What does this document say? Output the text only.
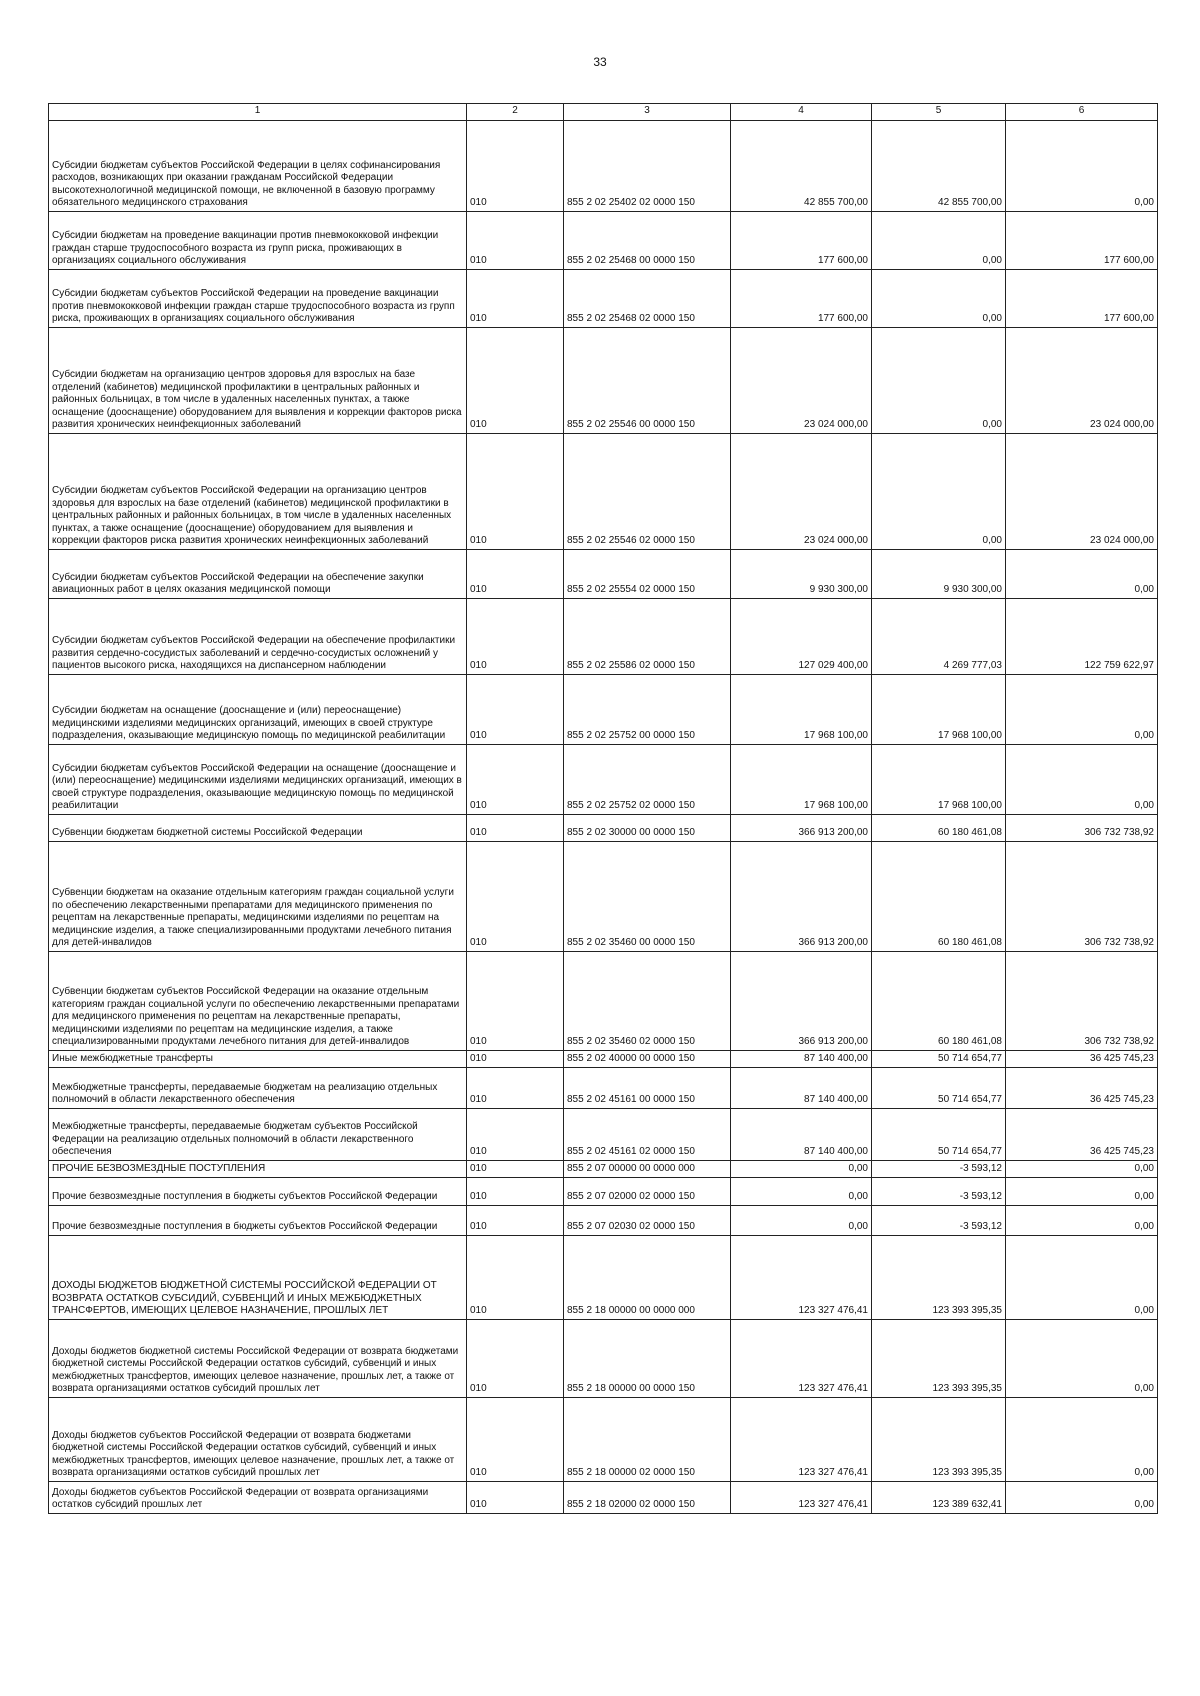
33
1	2	3	4	5	6
Субсидии бюджетам субъектов Российской Федерации в целях софинансирования расходов, возникающих при оказании гражданам Российской Федерации высокотехнологичной медицинской помощи, не включенной в базовую программу обязательного медицинского страхования	010	855 2 02 25402 02 0000 150	42 855 700,00	42 855 700,00	0,00
Субсидии бюджетам на проведение вакцинации против пневмококковой инфекции граждан старше трудоспособного возраста из групп риска, проживающих в организациях социального обслуживания	010	855 2 02 25468 00 0000 150	177 600,00	0,00	177 600,00
Субсидии бюджетам субъектов Российской Федерации на проведение вакцинации против пневмококковой инфекции граждан старше трудоспособного возраста из групп риска, проживающих в организациях социального обслуживания	010	855 2 02 25468 02 0000 150	177 600,00	0,00	177 600,00
Субсидии бюджетам на организацию центров здоровья для взрослых на базе отделений (кабинетов) медицинской профилактики в центральных районных и районных больницах, в том числе в удаленных населенных пунктах, а также оснащение (дооснащение) оборудованием для выявления и коррекции факторов риска развития хронических неинфекционных заболеваний	010	855 2 02 25546 00 0000 150	23 024 000,00	0,00	23 024 000,00
Субсидии бюджетам субъектов Российской Федерации на организацию центров здоровья для взрослых на базе отделений (кабинетов) медицинской профилактики в центральных районных и районных больницах, в том числе в удаленных населенных пунктах, а также оснащение (дооснащение) оборудованием для выявления и коррекции факторов риска развития хронических неинфекционных заболеваний	010	855 2 02 25546 02 0000 150	23 024 000,00	0,00	23 024 000,00
Субсидии бюджетам субъектов Российской Федерации на обеспечение закупки авиационных работ в целях оказания медицинской помощи	010	855 2 02 25554 02 0000 150	9 930 300,00	9 930 300,00	0,00
Субсидии бюджетам субъектов Российской Федерации на обеспечение профилактики развития сердечно-сосудистых заболеваний и сердечно-сосудистых осложнений у пациентов высокого риска, находящихся на диспансерном наблюдении	010	855 2 02 25586 02 0000 150	127 029 400,00	4 269 777,03	122 759 622,97
Субсидии бюджетам на оснащение (дооснащение и (или) переоснащение) медицинскими изделиями медицинских организаций, имеющих в своей структуре подразделения, оказывающие медицинскую помощь по медицинской реабилитации	010	855 2 02 25752 00 0000 150	17 968 100,00	17 968 100,00	0,00
Субсидии бюджетам субъектов Российской Федерации на оснащение (дооснащение и (или) переоснащение) медицинскими изделиями медицинских организаций, имеющих в своей структуре подразделения, оказывающие медицинскую помощь по медицинской реабилитации	010	855 2 02 25752 02 0000 150	17 968 100,00	17 968 100,00	0,00
Субвенции бюджетам бюджетной системы Российской Федерации	010	855 2 02 30000 00 0000 150	366 913 200,00	60 180 461,08	306 732 738,92
Субвенции бюджетам на оказание отдельным категориям граждан социальной услуги по обеспечению лекарственными препаратами для медицинского применения по рецептам на лекарственные препараты, медицинскими изделиями по рецептам на медицинские изделия, а также специализированными продуктами лечебного питания для детей-инвалидов	010	855 2 02 35460 00 0000 150	366 913 200,00	60 180 461,08	306 732 738,92
Субвенции бюджетам субъектов Российской Федерации на оказание отдельным категориям граждан социальной услуги по обеспечению лекарственными препаратами для медицинского применения по рецептам на лекарственные препараты, медицинскими изделиями по рецептам на медицинские изделия, а также специализированными продуктами лечебного питания для детей-инвалидов	010	855 2 02 35460 02 0000 150	366 913 200,00	60 180 461,08	306 732 738,92
Иные межбюджетные трансферты	010	855 2 02 40000 00 0000 150	87 140 400,00	50 714 654,77	36 425 745,23
Межбюджетные трансферты, передаваемые бюджетам на реализацию отдельных полномочий в области лекарственного обеспечения	010	855 2 02 45161 00 0000 150	87 140 400,00	50 714 654,77	36 425 745,23
Межбюджетные трансферты, передаваемые бюджетам субъектов Российской Федерации на реализацию отдельных полномочий в области лекарственного обеспечения	010	855 2 02 45161 02 0000 150	87 140 400,00	50 714 654,77	36 425 745,23
ПРОЧИЕ БЕЗВОЗМЕЗДНЫЕ ПОСТУПЛЕНИЯ	010	855 2 07 00000 00 0000 000	0,00	-3 593,12	0,00
Прочие безвозмездные поступления в бюджеты субъектов Российской Федерации	010	855 2 07 02000 02 0000 150	0,00	-3 593,12	0,00
Прочие безвозмездные поступления в бюджеты субъектов Российской Федерации	010	855 2 07 02030 02 0000 150	0,00	-3 593,12	0,00
ДОХОДЫ БЮДЖЕТОВ БЮДЖЕТНОЙ СИСТЕМЫ РОССИЙСКОЙ ФЕДЕРАЦИИ ОТ ВОЗВРАТА ОСТАТКОВ СУБСИДИЙ, СУБВЕНЦИЙ И ИНЫХ МЕЖБЮДЖЕТНЫХ ТРАНСФЕРТОВ, ИМЕЮЩИХ ЦЕЛЕВОЕ НАЗНАЧЕНИЕ, ПРОШЛЫХ ЛЕТ	010	855 2 18 00000 00 0000 000	123 327 476,41	123 393 395,35	0,00
Доходы бюджетов бюджетной системы Российской Федерации от возврата бюджетами бюджетной системы Российской Федерации остатков субсидий, субвенций и иных межбюджетных трансфертов, имеющих целевое назначение, прошлых лет, а также от возврата организациями остатков субсидий прошлых лет	010	855 2 18 00000 00 0000 150	123 327 476,41	123 393 395,35	0,00
Доходы бюджетов субъектов Российской Федерации от возврата бюджетами бюджетной системы Российской Федерации остатков субсидий, субвенций и иных межбюджетных трансфертов, имеющих целевое назначение, прошлых лет, а также от возврата организациями остатков субсидий прошлых лет	010	855 2 18 00000 02 0000 150	123 327 476,41	123 393 395,35	0,00
Доходы бюджетов субъектов Российской Федерации от возврата организациями остатков субсидий прошлых лет	010	855 2 18 02000 02 0000 150	123 327 476,41	123 389 632,41	0,00
